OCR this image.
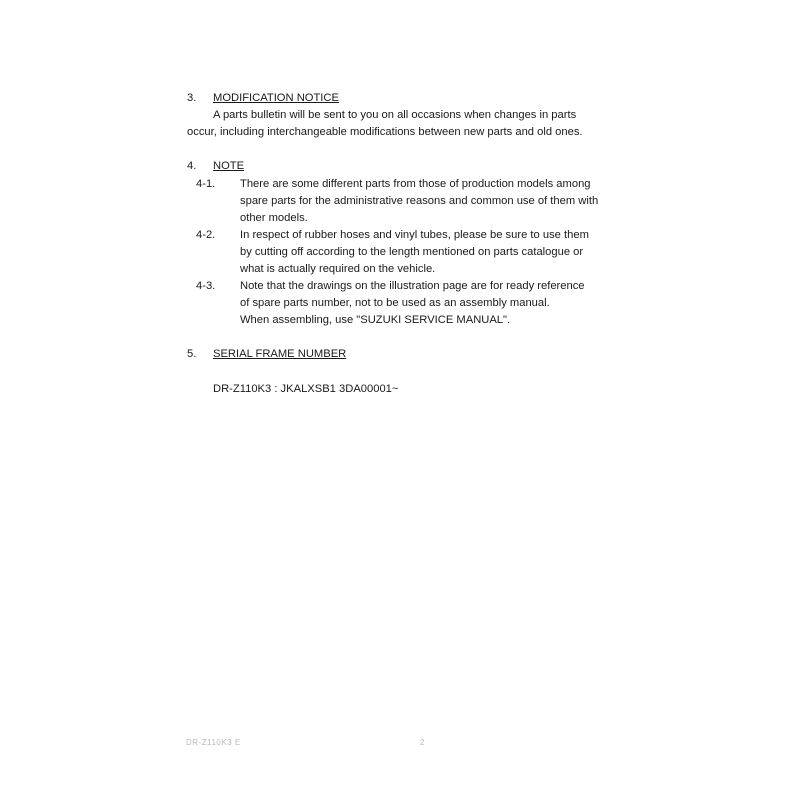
3. MODIFICATION NOTICE
A parts bulletin will be sent to you on all occasions when changes in parts
occur, including interchangeable modifications between new parts and old ones.
4. NOTE
4-1. There are some different parts from those of production models among
spare parts for the administrative reasons and common use of them with
other models.
4-2. In respect of rubber hoses and vinyl tubes, please be sure to use them
by cutting off according to the length mentioned on parts catalogue or
what is actually required on the vehicle.
4-3. Note that the drawings on the illustration page are for ready reference
of spare parts number, not to be used as an assembly manual.
When assembling, use "SUZUKI SERVICE MANUAL".
5. SERIAL FRAME NUMBER
DR-Z110K3 : JKALXSB1 3DA00001~
DR-Z110K3 E	2
